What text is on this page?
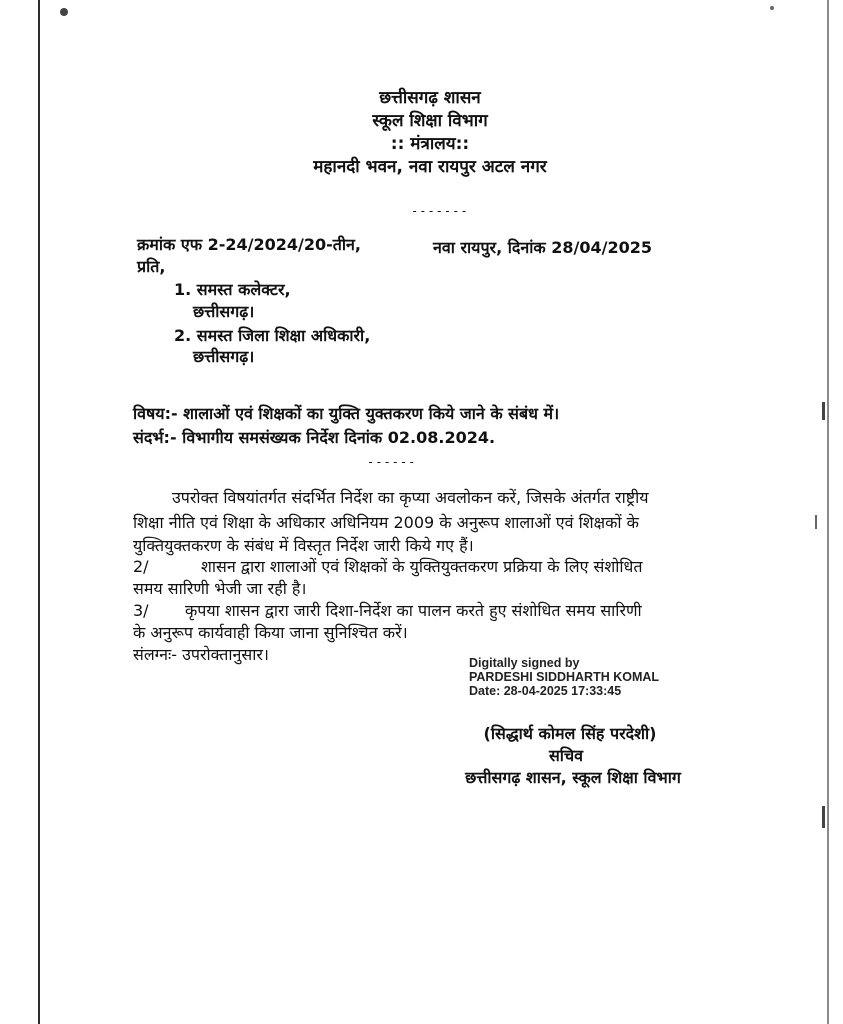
छत्तीसगढ़ शासन
स्कूल शिक्षा विभाग
:: मंत्रालय::
महानदी भवन, नवा रायपुर अटल नगर
-------
क्रमांक एफ 2-24/2024/20-तीन,	नवा रायपुर, दिनांक 28/04/2025
प्रति,
1. समस्त कलेक्टर,
छत्तीसगढ़।
2. समस्त जिला शिक्षा अधिकारी,
छत्तीसगढ़।
विषय:- शालाओं एवं शिक्षकों का युक्ति युक्तकरण किये जाने के संबंध में।
संदर्भ:- विभागीय समसंख्यक निर्देश दिनांक 02.08.2024.
------
उपरोक्त विषयांतर्गत संदर्भित निर्देश का कृप्या अवलोकन करें, जिसके अंतर्गत राष्ट्रीय
शिक्षा नीति एवं शिक्षा के अधिकार अधिनियम 2009 के अनुरूप शालाओं एवं शिक्षकों के
युक्तियुक्तकरण के संबंध में विस्तृत निर्देश जारी किये गए हैं।
2/	शासन द्वारा शालाओं एवं शिक्षकों के युक्तियुक्तकरण प्रक्रिया के लिए संशोधित
समय सारिणी भेजी जा रही है।
3/ कृपया शासन द्वारा जारी दिशा-निर्देश का पालन करते हुए संशोधित समय सारिणी
के अनुरूप कार्यवाही किया जाना सुनिश्चित करें।
संलग्नः- उपरोक्तानुसार।	Digitally signed by
PARDESHI SIDDHARTH KOMAL
Date: 28-04-2025 17:33:45
(सिद्धार्थ कोमल सिंह परदेशी)
सचिव
छत्तीसगढ़ शासन, स्कूल शिक्षा विभाग
